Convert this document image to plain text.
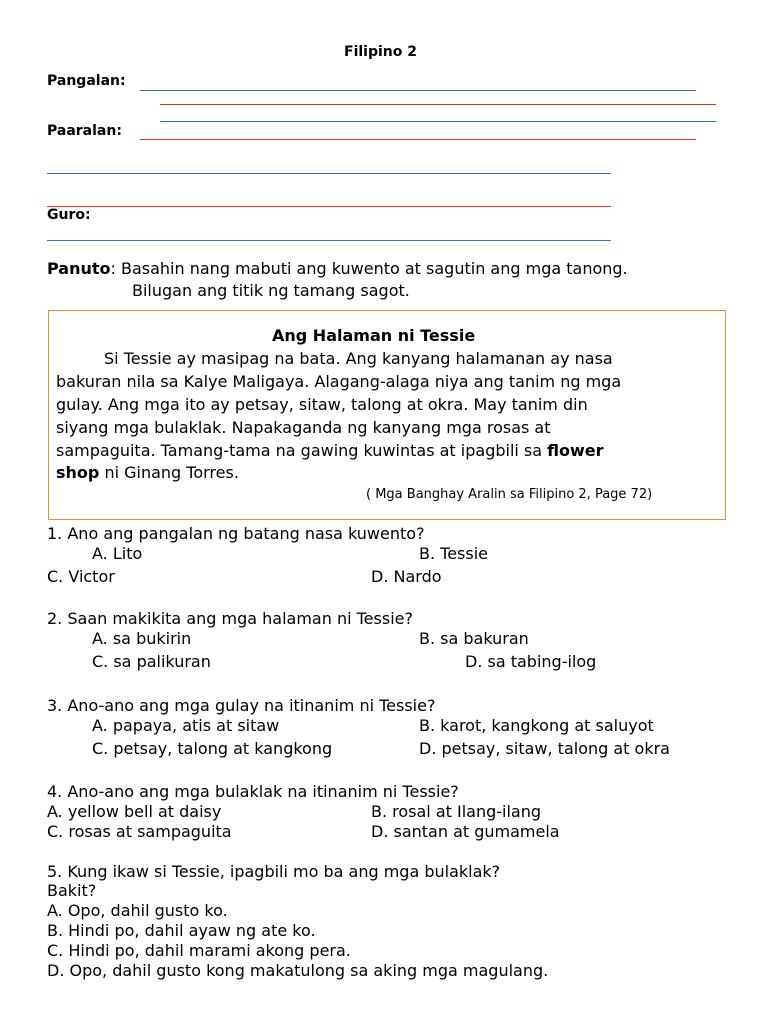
Filipino 2
Pangalan:
Paaralan:
Guro:
Panuto: Basahin nang mabuti ang kuwento at sagutin ang mga tanong.
Bilugan ang titik ng tamang sagot.
Ang Halaman ni Tessie
Si Tessie ay masipag na bata. Ang kanyang halamanan ay nasa
bakuran nila sa Kalye Maligaya. Alagang-alaga niya ang tanim ng mga
gulay. Ang mga ito ay petsay, sitaw, talong at okra. May tanim din
siyang mga bulaklak. Napakaganda ng kanyang mga rosas at
sampaguita. Tamang-tama na gawing kuwintas at ipagbili sa flower
shop ni Ginang Torres.
( Mga Banghay Aralin sa Filipino 2, Page 72)
1. Ano ang pangalan ng batang nasa kuwento?
A. Lito	B. Tessie
C. Victor	D. Nardo
2. Saan makikita ang mga halaman ni Tessie?
A. sa bukirin	B. sa bakuran
C. sa palikuran	D. sa tabing-ilog
3. Ano-ano ang mga gulay na itinanim ni Tessie?
A. papaya, atis at sitaw	B. karot, kangkong at saluyot
C. petsay, talong at kangkong	D. petsay, sitaw, talong at okra
4. Ano-ano ang mga bulaklak na itinanim ni Tessie?
A. yellow bell at daisy	B. rosal at Ilang-ilang
C. rosas at sampaguita	D. santan at gumamela
5. Kung ikaw si Tessie, ipagbili mo ba ang mga bulaklak?
Bakit?
A. Opo, dahil gusto ko.
B. Hindi po, dahil ayaw ng ate ko.
C. Hindi po, dahil marami akong pera.
D. Opo, dahil gusto kong makatulong sa aking mga magulang.
